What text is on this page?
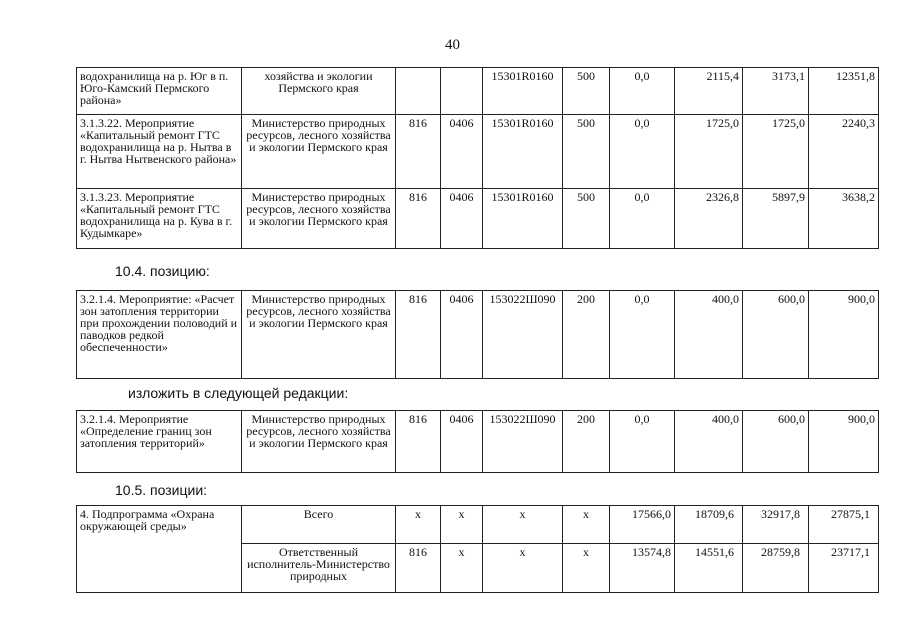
40
водохранилища на р. Юг в п. Юго-Камский Пермского района»	хозяйства и экологии Пермского края			15301R0160	500	0,0	2115,4	3173,1	12351,8
3.1.3.22. Мероприятие «Капитальный ремонт ГТС водохранилища на р. Нытва в г. Нытва Нытвенского района»	Министерство природных ресурсов, лесного хозяйства и экологии Пермского края	816	0406	15301R0160	500	0,0	1725,0	1725,0	2240,3
3.1.3.23. Мероприятие «Капитальный ремонт ГТС водохранилища на р. Кува в г. Кудымкаре»	Министерство природных ресурсов, лесного хозяйства и экологии Пермского края	816	0406	15301R0160	500	0,0	2326,8	5897,9	3638,2
10.4. позицию:
3.2.1.4. Мероприятие: «Расчет зон затопления территории при прохождении половодий и паводков редкой обеспеченности»	Министерство природных ресурсов, лесного хозяйства и экологии Пермского края	816	0406	153022Ш090	200	0,0	400,0	600,0	900,0
изложить в следующей редакции:
3.2.1.4. Мероприятие «Определение границ зон затопления территорий»	Министерство природных ресурсов, лесного хозяйства и экологии Пермского края	816	0406	153022Ш090	200	0,0	400,0	600,0	900,0
10.5. позиции:
4. Подпрограмма «Охрана окружающей среды»	Всего	х	х	х	х	17566,0	18709,6	32917,8	27875,1
	Ответственный исполнитель-Министерство природных	816	х	х	х	13574,8	14551,6	28759,8	23717,1
